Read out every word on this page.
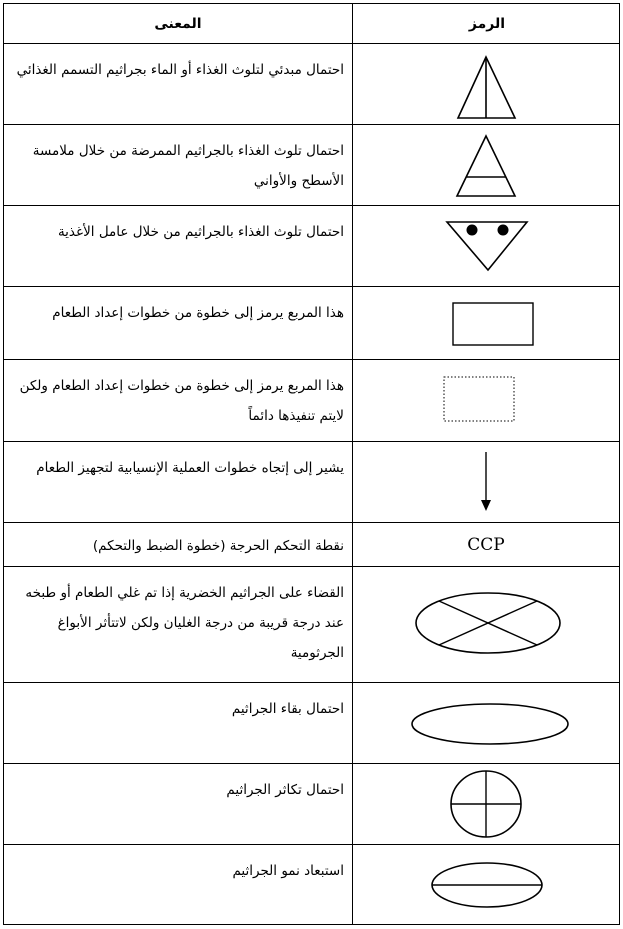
المعنى	الرمز
احتمال مبدئي لتلوث الغذاء أو الماء بجراثيم التسمم الغذائي
احتمال تلوث الغذاء بالجراثيم الممرضة من خلال ملامسة الأسطح والأواني
احتمال تلوث الغذاء بالجراثيم من خلال عامل الأغذية
هذا المربع يرمز إلى خطوة من خطوات إعداد الطعام
هذا المربع يرمز إلى خطوة من خطوات إعداد الطعام ولكن لايتم تنفيذها دائماً
يشير إلى إتجاه خطوات العملية الإنسيابية لتجهيز الطعام
نقطة التحكم الحرجة (خطوة الضبط والتحكم)	CCP
القضاء على الجراثيم الخضرية إذا تم غلي الطعام أو طبخه عند درجة قريبة من درجة الغليان ولكن لاتتأثر الأبواغ الجرثومية
احتمال بقاء الجراثيم
احتمال تكاثر الجراثيم
استبعاد نمو الجراثيم
